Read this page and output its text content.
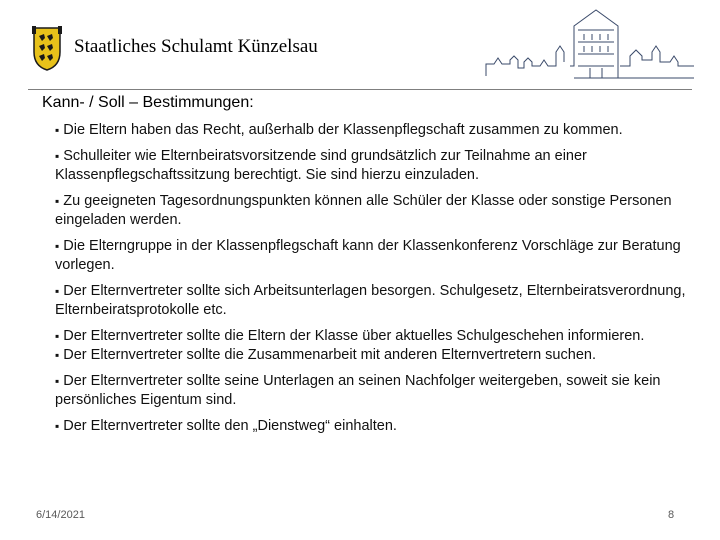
Staatliches Schulamt Künzelsau
Kann- / Soll – Bestimmungen:
▪ Die Eltern haben das Recht, außerhalb der Klassenpflegschaft zusammen zu kommen.
▪ Schulleiter wie Elternbeiratsvorsitzende sind grundsätzlich zur Teilnahme an einer Klassenpflegschaftssitzung berechtigt. Sie sind hierzu einzuladen.
▪ Zu geeigneten Tagesordnungspunkten können alle Schüler der Klasse oder sonstige Personen eingeladen werden.
▪ Die Elterngruppe in der Klassenpflegschaft kann der Klassenkonferenz Vorschläge zur Beratung vorlegen.
▪ Der Elternvertreter sollte sich Arbeitsunterlagen besorgen. Schulgesetz, Elternbeiratsverordnung, Elternbeiratsprotokolle etc.
▪ Der Elternvertreter sollte die Eltern der Klasse über aktuelles Schulgeschehen informieren.
▪ Der Elternvertreter sollte die Zusammenarbeit mit anderen Elternvertretern suchen.
▪ Der Elternvertreter sollte seine Unterlagen an seinen Nachfolger weitergeben, soweit sie kein persönliches Eigentum sind.
▪ Der Elternvertreter sollte den „Dienstweg“ einhalten.
6/14/2021	8
